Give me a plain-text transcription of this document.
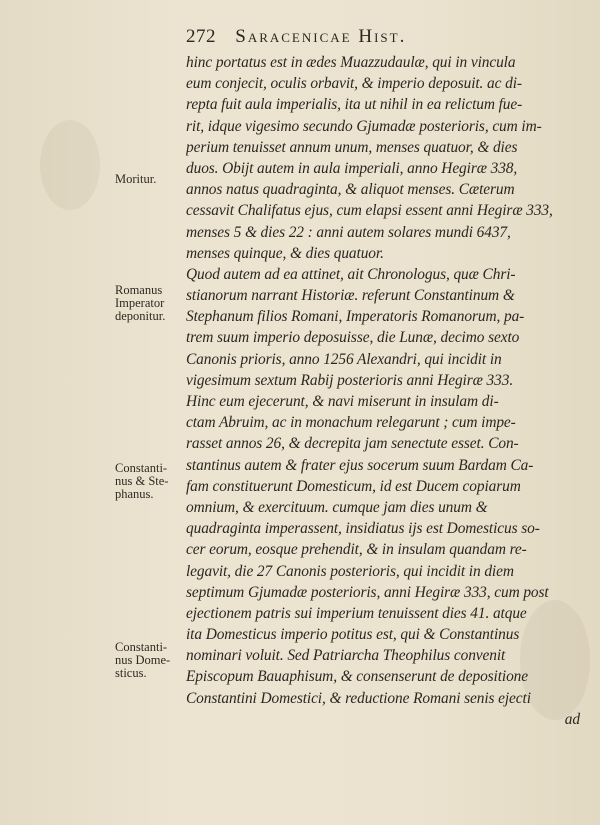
272 Saracenicae Hist.
hinc portatus est in ædes Muazzudaulæ, qui in vincula
eum conjecit, oculis orbavit, & imperio deposuit. ac di-
repta fuit aula imperialis, ita ut nihil in ea relictum fue-
rit, idque vigesimo secundo Gjumadæ posterioris, cum im-
perium tenuisset annum unum, menses quatuor, & dies
duos. Obijt autem in aula imperiali, anno Hegiræ 338,
annos natus quadraginta, & aliquot menses. Cæterum
cessavit Chalifatus ejus, cum elapsi essent anni Hegiræ 333,
menses 5 & dies 22 : anni autem solares mundi 6437,
menses quinque, & dies quatuor.
Quod autem ad ea attinet, ait Chronologus, quæ Chri-
stianorum narrant Historiæ. referunt Constantinum &
Stephanum filios Romani, Imperatoris Romanorum, pa-
trem suum imperio deposuisse, die Lunæ, decimo sexto
Canonis prioris, anno 1256 Alexandri, qui incidit in
vigesimum sextum Rabij posterioris anni Hegiræ 333.
Hinc eum ejecerunt, & navi miserunt in insulam di-
ctam Abruim, ac in monachum relegarunt ; cum impe-
rasset annos 26, & decrepita jam senectute esset. Con-
stantinus autem & frater ejus socerum suum Bardam Ca-
fam constituerunt Domesticum, id est Ducem copiarum
omnium, & exercituum. cumque jam dies unum &
quadraginta imperassent, insidiatus ijs est Domesticus so-
cer eorum, eosque prehendit, & in insulam quandam re-
legavit, die 27 Canonis posterioris, qui incidit in diem
septimum Gjumadæ posterioris, anni Hegiræ 333, cum post
ejectionem patris sui imperium tenuissent dies 41. atque
ita Domesticus imperio potitus est, qui & Constantinus
nominari voluit. Sed Patriarcha Theophilus convenit
Episcopum Bauaphisum, & consenserunt de depositione
Constantini Domestici, & reductione Romani senis ejecti
ad
Moritur.
Romanus
Imperator
deponitur.
Constanti-
nus & Ste-
phanus.
Constanti-
nus Dome-
sticus.
